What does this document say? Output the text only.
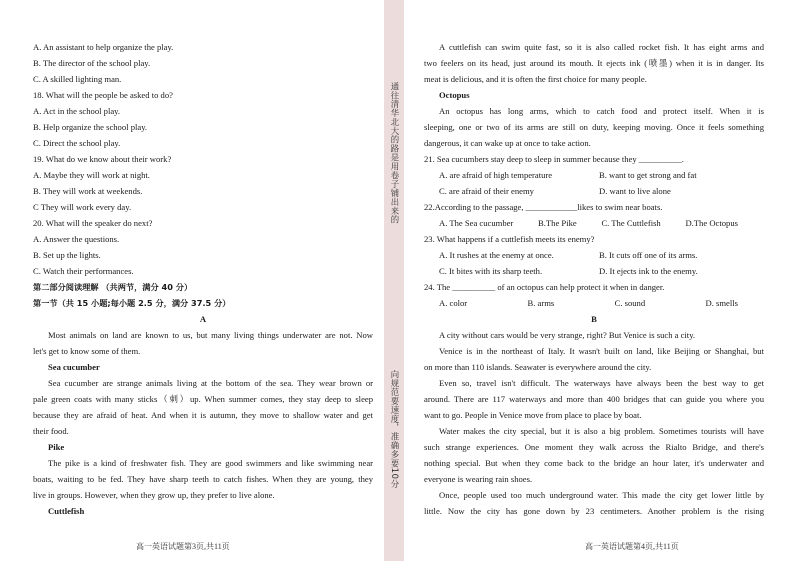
通往清华北大的路是用卷子铺出来的
向规范要速度，准确多要10分
A. An assistant to help organize the play.
B. The director of the school play.
C. A skilled lighting man.
18. What will the people be asked to do?
A. Act in the school play.
B. Help organize the school play.
C. Direct the school play.
19. What do we know about their work?
A. Maybe they will work at night.
B. They will work at weekends.
C They will work every day.
20. What will the speaker do next?
A. Answer the questions.
B. Set up the lights.
C. Watch their performances.
第二部分阅读理解 （共两节，满分 40 分）
第一节（共 15 小题;每小题 2.5 分，满分 37.5 分）
A
Most animals on land are known to us, but many living things underwater are not. Now
let's get to know some of them.
Sea cucumber
Sea cucumber are strange animals living at the bottom of the sea. They wear brown or
pale green coats with many sticks（刺）up. When summer comes, they stay deep to sleep
because they are afraid of heat. And when it is autumn, they move to shallow water and get
their food.
Pike
The pike is a kind of freshwater fish. They are good swimmers and like swimming near
boats, waiting to be fed. They have sharp teeth to catch fishes. When they are young, they
live in groups. However, when they grow up, they prefer to live alone.
Cuttlefish
A cuttlefish can swim quite fast, so it is also called rocket fish. It has eight arms and
two feelers on its head, just around its mouth. It ejects ink (喷墨) when it is in danger. Its
meat is delicious, and it is often the first choice for many people.
Octopus
An octopus has long arms, which to catch food and protect itself. When it is
sleeping, one or two of its arms are still on duty, keeping moving. Once it feels something
dangerous, it can wake up at once to take action.
21. Sea cucumbers stay deep to sleep in summer because they __________.
A. are afraid of high temperature	B. want to get strong and fat
C. are afraid of their enemy	D. want to live alone
22.According to the passage, ____________likes to swim near boats.
A. The Sea cucumber	B.The Pike	C. The Cuttlefish	D.The Octopus
23. What happens if a cuttlefish meets its enemy?
A. It rushes at the enemy at once.	B. It cuts off one of its arms.
C. It bites with its sharp teeth.	D. It ejects ink to the enemy.
24. The __________ of an octopus can help protect it when in danger.
A. color	B. arms	C. sound	D. smells
B
A city without cars would be very strange, right? But Venice is such a city.
Venice is in the northeast of Italy. It wasn't built on land, like Beijing or Shanghai, but
on more than 110 islands. Seawater is everywhere around the city.
Even so, travel isn't difficult. The waterways have always been the best way to get
around. There are 117 waterways and more than 400 bridges that can guide you where you
want to go. People in Venice move from place to place by boat.
Water makes the city special, but it is also a big problem. Sometimes tourists will have
such strange experiences. One moment they walk across the Rialto Bridge, and there's
nothing special. But when they come back to the bridge an hour later, it's underwater and
everyone is wearing rain shoes.
Once, people used too much underground water. This made the city get lower little by
little. Now the city has gone down by 23 centimeters. Another problem is the rising
高一英语试题第3页,共11页	高一英语试题第4页,共11页
